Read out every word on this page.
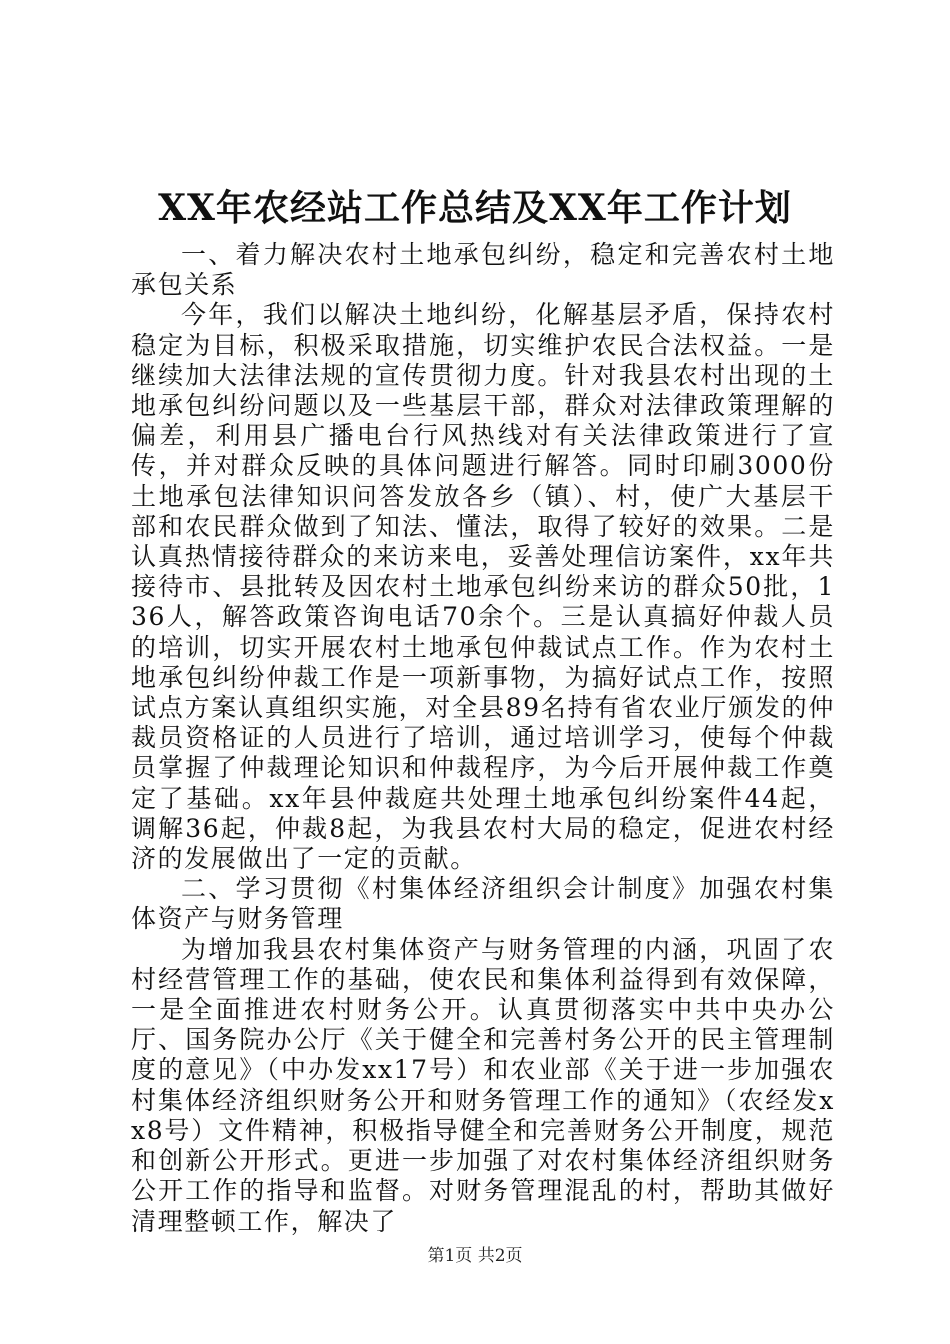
XX年农经站工作总结及XX年工作计划

一、着力解决农村土地承包纠纷，稳定和完善农村土地承包关系

今年，我们以解决土地纠纷，化解基层矛盾，保持农村稳定为目标，积极采取措施，切实维护农民合法权益。一是继续加大法律法规的宣传贯彻力度。针对我县农村出现的土地承包纠纷问题以及一些基层干部，群众对法律政策理解的偏差，利用县广播电台行风热线对有关法律政策进行了宣传，并对群众反映的具体问题进行解答。同时印刷3000份土地承包法律知识问答发放各乡（镇）、村，使广大基层干部和农民群众做到了知法、懂法，取得了较好的效果。二是认真热情接待群众的来访来电，妥善处理信访案件，xx年共接待市、县批转及因农村土地承包纠纷来访的群众50批，136人，解答政策咨询电话70余个。三是认真搞好仲裁人员的培训，切实开展农村土地承包仲裁试点工作。作为农村土地承包纠纷仲裁工作是一项新事物，为搞好试点工作，按照试点方案认真组织实施，对全县89名持有省农业厅颁发的仲裁员资格证的人员进行了培训，通过培训学习，使每个仲裁员掌握了仲裁理论知识和仲裁程序，为今后开展仲裁工作奠定了基础。xx年县仲裁庭共处理土地承包纠纷案件44起，调解36起，仲裁8起，为我县农村大局的稳定，促进农村经济的发展做出了一定的贡献。

二、学习贯彻《村集体经济组织会计制度》加强农村集体资产与财务管理

为增加我县农村集体资产与财务管理的内涵，巩固了农村经营管理工作的基础，使农民和集体利益得到有效保障，一是全面推进农村财务公开。认真贯彻落实中共中央办公厅、国务院办公厅《关于健全和完善村务公开的民主管理制度的意见》（中办发xx17号）和农业部《关于进一步加强农村集体经济组织财务公开和财务管理工作的通知》（农经发xx8号）文件精神，积极指导健全和完善财务公开制度，规范和创新公开形式。更进一步加强了对农村集体经济组织财务公开工作的指导和监督。对财务管理混乱的村，帮助其做好清理整顿工作，解决了

第1页 共2页
